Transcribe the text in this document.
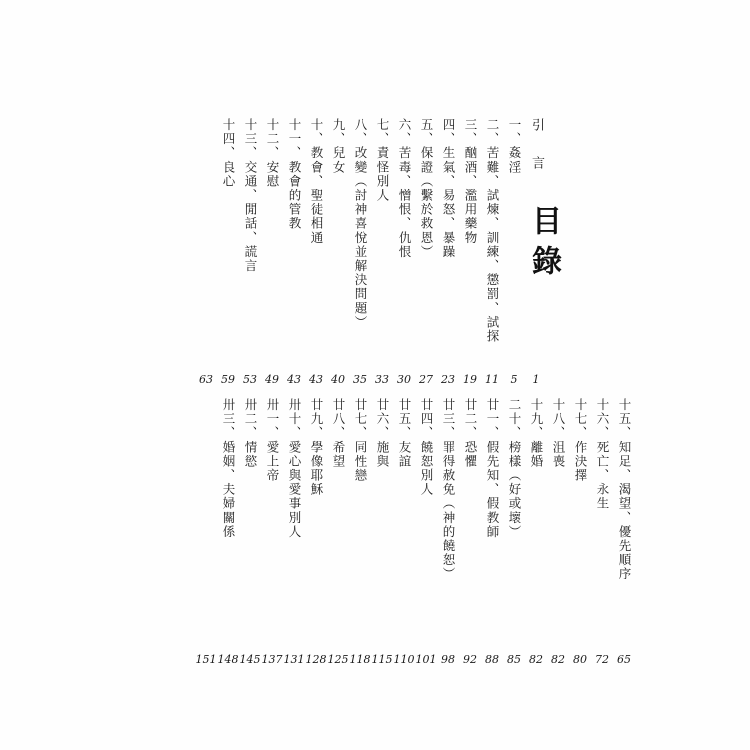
目錄
63
十四、良心
59
十三、交通、閒話、謊言
53
十二、安慰
49
十一、教會的管教
43
十、教會、聖徒相通
43
九、兒女
40
八、改變（討神喜悅並解決問題）
35
七、責怪別人
33
六、苦毒、憎恨、仇恨
30
五、保證（繫於救恩）
27
四、生氣、易怒、暴躁
23
三、酗酒、濫用藥物
19
二、苦難、試煉、訓練、懲罰、試探
11
一、姦淫
5
引 言
1
151
卅三、婚姻、夫婦關係
148
卅二、情慾
145
卅一、愛上帝
137
卅十、愛心與愛事別人
131
廿九、學像耶穌
128
廿八、希望
125
廿七、同性戀
118
廿六、施與
115
廿五、友誼
110
廿四、饒恕別人
101
廿三、罪得赦免（神的饒恕）
98
廿二、恐懼
92
廿一、假先知、假教師
88
二十、榜樣（好或壞）
85
十九、離婚
82
十八、沮喪
82
十七、作決擇
80
十六、死亡、永生
72
十五、知足、渴望、優先順序
65
